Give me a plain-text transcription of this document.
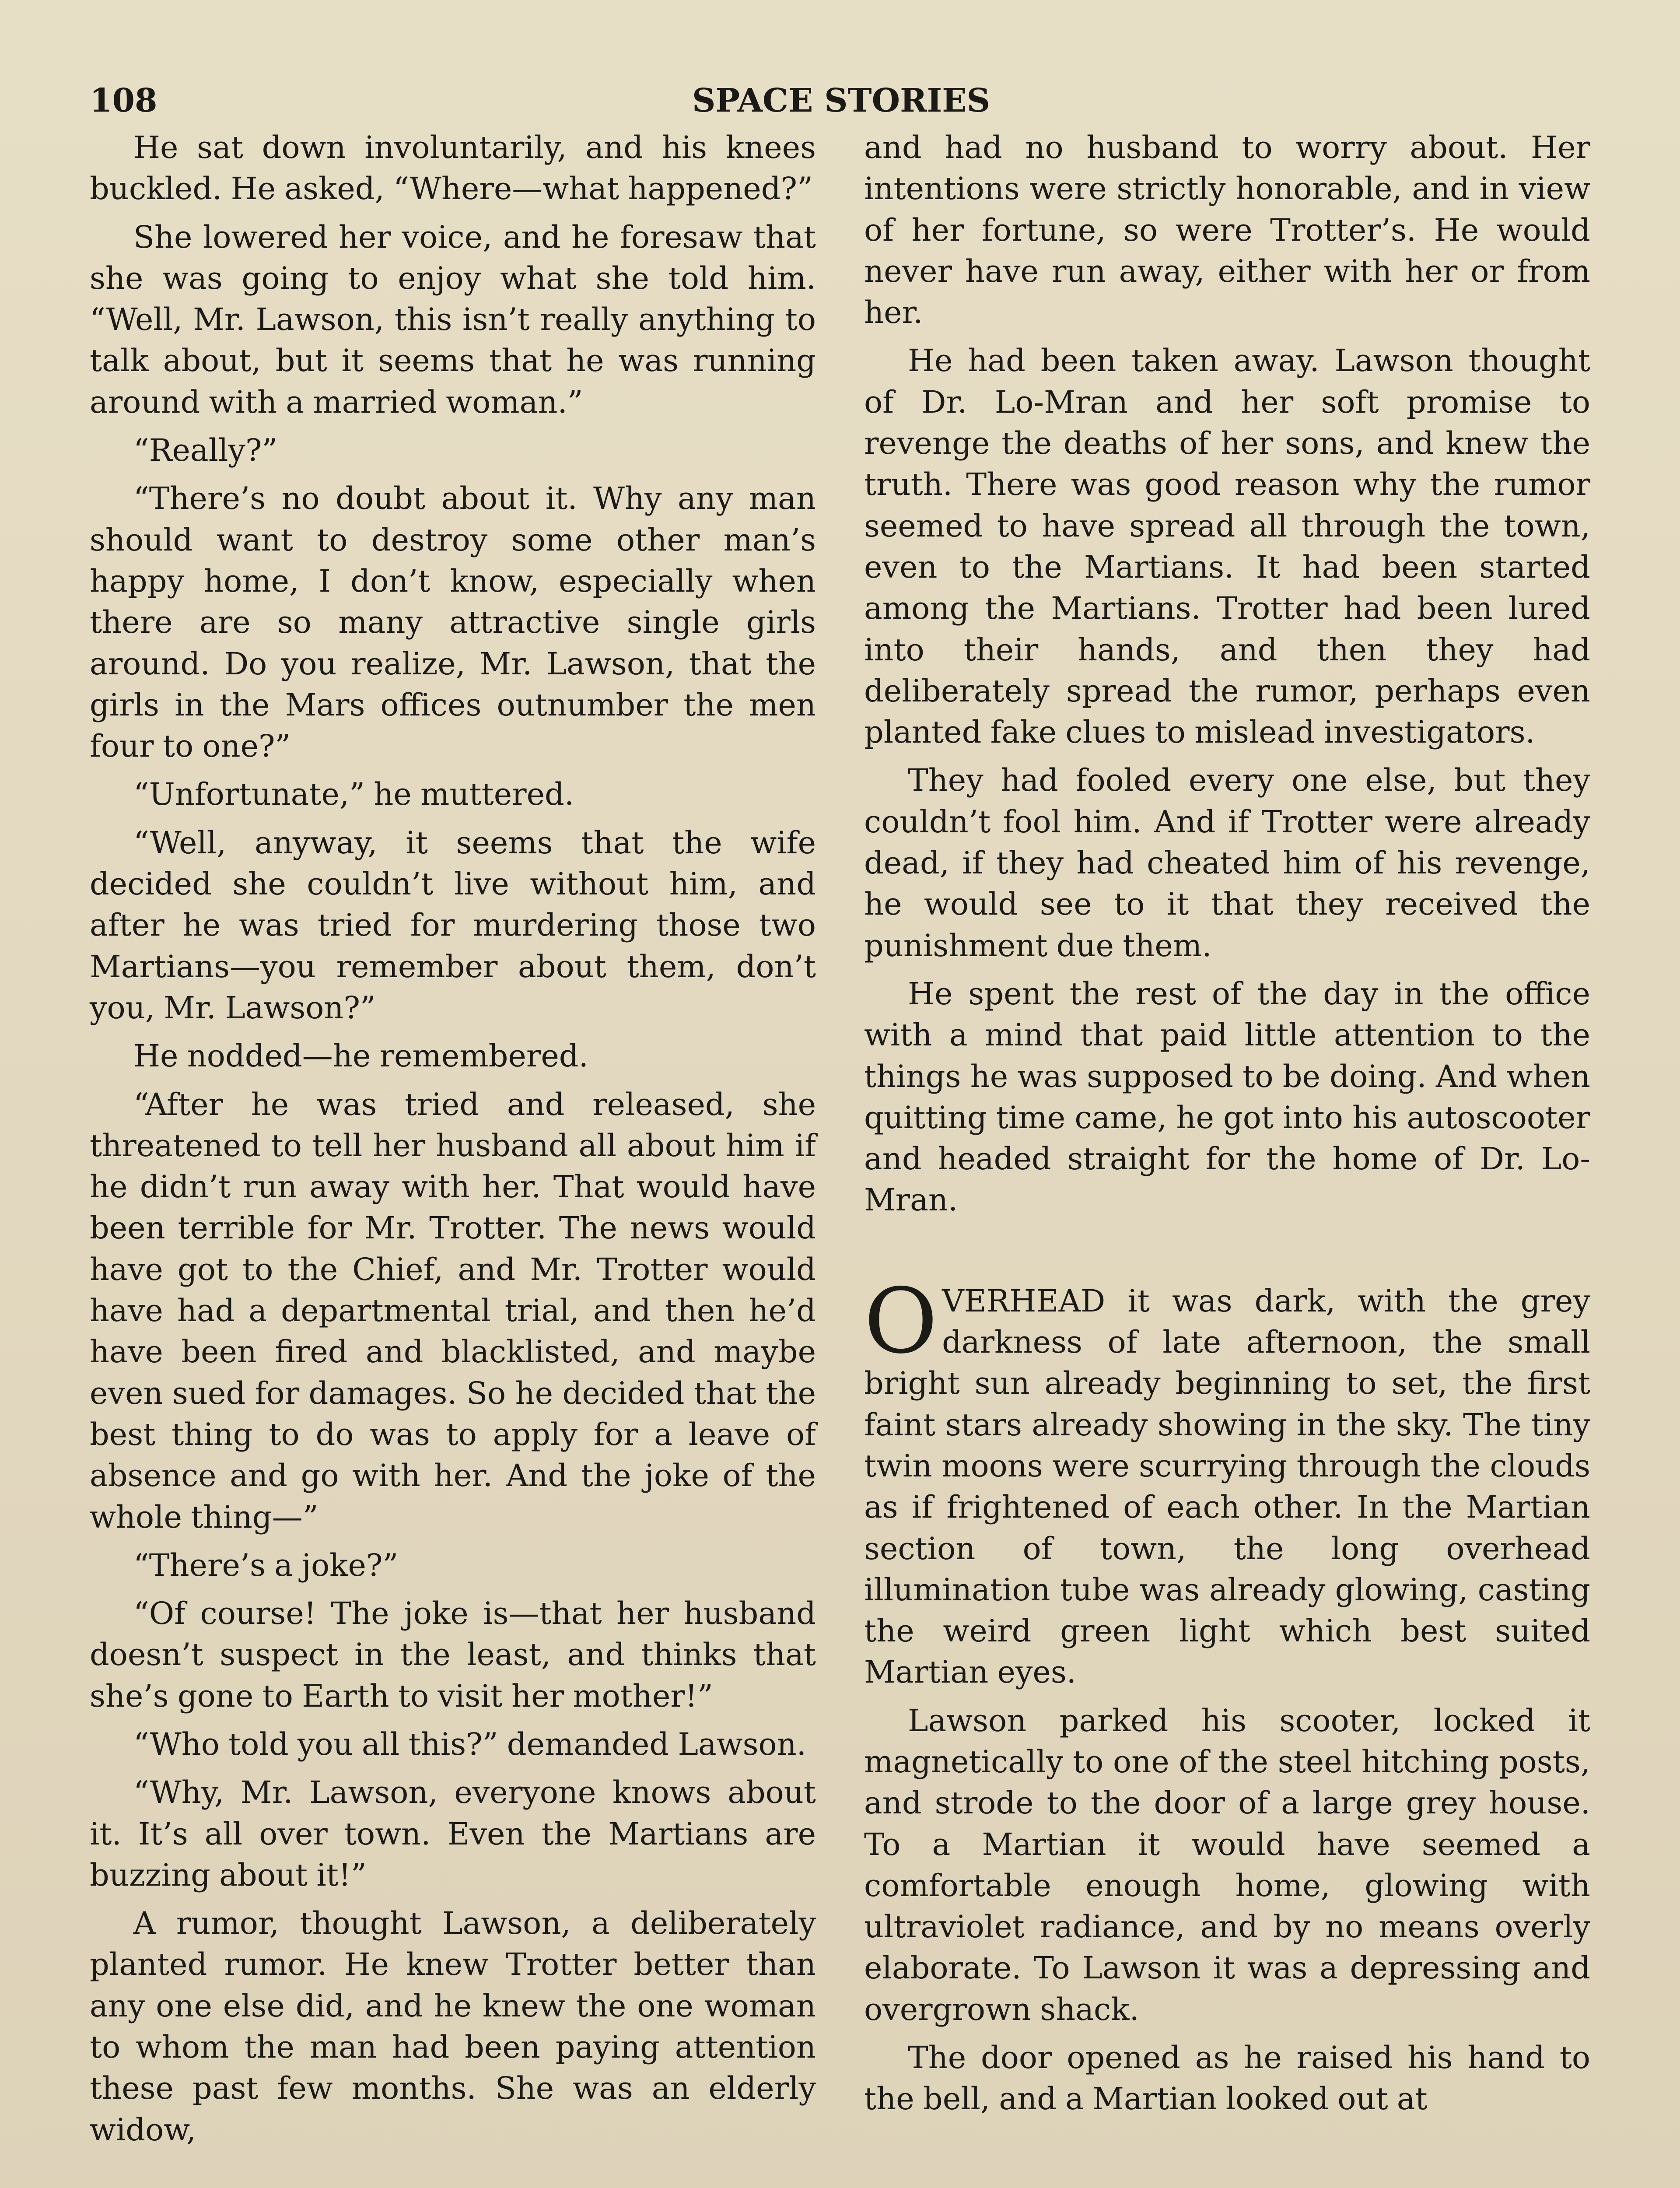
108	SPACE STORIES

He sat down involuntarily, and his knees buckled. He asked, “Where—what happened?”

She lowered her voice, and he foresaw that she was going to enjoy what she told him. “Well, Mr. Lawson, this isn’t really anything to talk about, but it seems that he was running around with a married woman.”

“Really?”

“There’s no doubt about it. Why any man should want to destroy some other man’s happy home, I don’t know, especially when there are so many attractive single girls around. Do you realize, Mr. Lawson, that the girls in the Mars offices outnumber the men four to one?”

“Unfortunate,” he muttered.

“Well, anyway, it seems that the wife decided she couldn’t live without him, and after he was tried for murdering those two Martians—you remember about them, don’t you, Mr. Lawson?”

He nodded—he remembered.

“After he was tried and released, she threatened to tell her husband all about him if he didn’t run away with her. That would have been terrible for Mr. Trotter. The news would have got to the Chief, and Mr. Trotter would have had a departmental trial, and then he’d have been fired and blacklisted, and maybe even sued for damages. So he decided that the best thing to do was to apply for a leave of absence and go with her. And the joke of the whole thing—”

“There’s a joke?”

“Of course! The joke is—that her husband doesn’t suspect in the least, and thinks that she’s gone to Earth to visit her mother!”

“Who told you all this?” demanded Lawson.

“Why, Mr. Lawson, everyone knows about it. It’s all over town. Even the Martians are buzzing about it!”

A rumor, thought Lawson, a deliberately planted rumor. He knew Trotter better than any one else did, and he knew the one woman to whom the man had been paying attention these past few months. She was an elderly widow,

and had no husband to worry about. Her intentions were strictly honorable, and in view of her fortune, so were Trotter’s. He would never have run away, either with her or from her.

He had been taken away. Lawson thought of Dr. Lo-Mran and her soft promise to revenge the deaths of her sons, and knew the truth. There was good reason why the rumor seemed to have spread all through the town, even to the Martians. It had been started among the Martians. Trotter had been lured into their hands, and then they had deliberately spread the rumor, perhaps even planted fake clues to mislead investigators.

They had fooled every one else, but they couldn’t fool him. And if Trotter were already dead, if they had cheated him of his revenge, he would see to it that they received the punishment due them.

He spent the rest of the day in the office with a mind that paid little attention to the things he was supposed to be doing. And when quitting time came, he got into his autoscooter and headed straight for the home of Dr. Lo-Mran.

OVERHEAD it was dark, with the grey darkness of late afternoon, the small bright sun already beginning to set, the first faint stars already showing in the sky. The tiny twin moons were scurrying through the clouds as if frightened of each other. In the Martian section of town, the long overhead illumination tube was already glowing, casting the weird green light which best suited Martian eyes.

Lawson parked his scooter, locked it magnetically to one of the steel hitching posts, and strode to the door of a large grey house. To a Martian it would have seemed a comfortable enough home, glowing with ultraviolet radiance, and by no means overly elaborate. To Lawson it was a depressing and overgrown shack.

The door opened as he raised his hand to the bell, and a Martian looked out at
